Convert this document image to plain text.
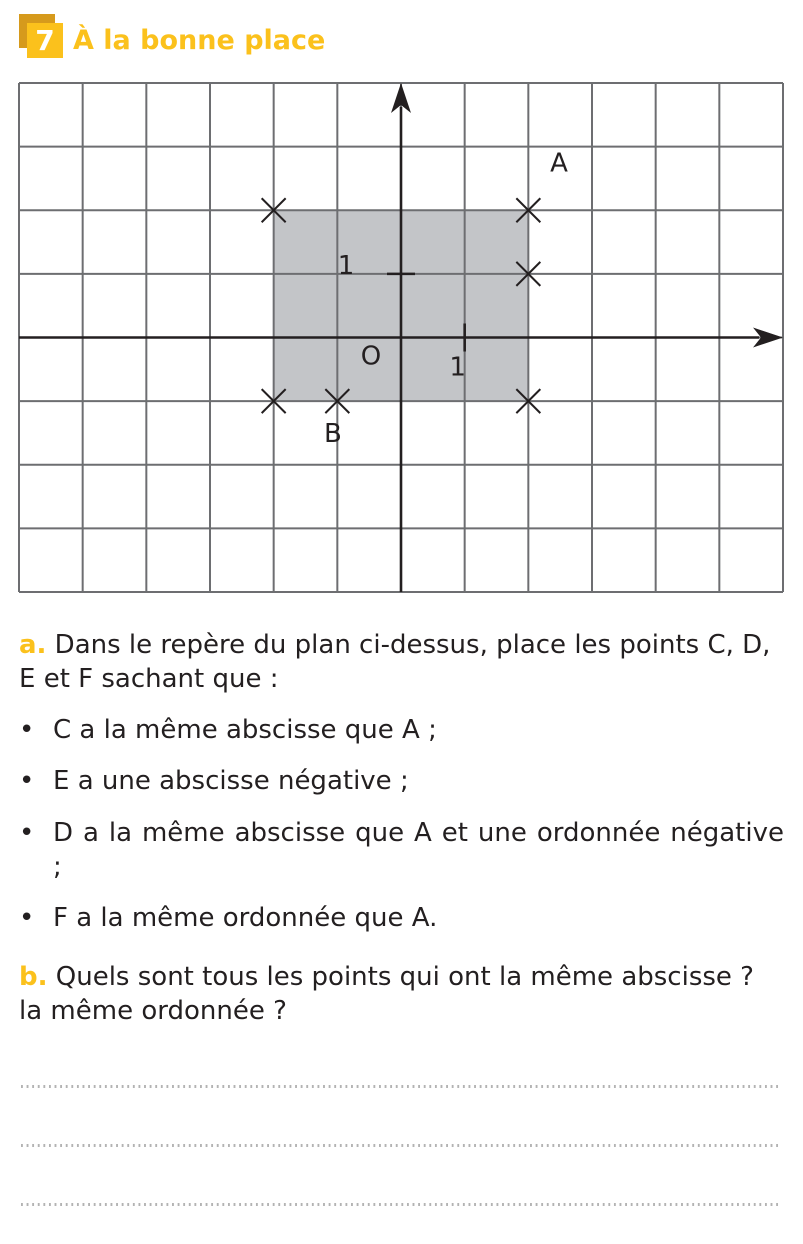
7 À la bonne place
O	1
1
A
B
a. Dans le repère du plan ci-dessus, place les points C, D, E et F sachant que :
• C a la même abscisse que A ;
• E a une abscisse négative ;
• D a la même abscisse que A et une ordonnée négative ;
• F a la même ordonnée que A.
b. Quels sont tous les points qui ont la même abscisse ? la même ordonnée ?
